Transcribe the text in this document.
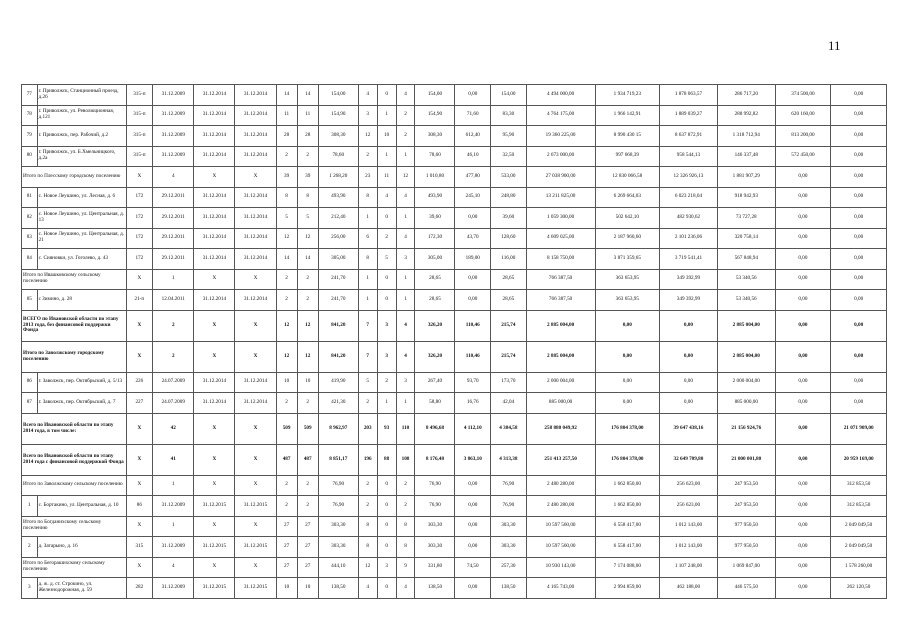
11
77	г. Приволжск, Станционный проезд, д.26	315-п	31.12.2009	31.12.2014	31.12.2014	14	14	154,00	4	0	4	154,00	0,00	154,00	4 494 000,00	1 934 719,23	1 878 063,57	286 717,20	374 500,00	0,00
78	г. Приволжск, ул. Революционная, д.121	315-п	31.12.2009	31.12.2014	31.12.2014	11	11	154,90	3	1	2	154,90	71,60	83,30	4 764 175,00	1 966 142,91	1 889 039,27	288 992,82	620 160,00	0,00
79	г. Приволжск, пер. Рабочий, д.2	315-п	31.12.2009	31.12.2014	31.12.2014	28	28	308,30	12	10	2	308,30	612,40	95,90	19 360 225,00	8 990 430 15	8 637 872,91	1 318 712,94	813 200,00	0,00
80	г. Приволжск, ул. Б.Хмельницкого, д.2а	315-п	31.12.2009	31.12.2014	31.12.2014	2	2	78,60	2	1	1	78,60	46,10	32,50	2 673 000,00	997 668,39	958 544,13	146 337,48	572 450,00	0,00
Итого по Плесскому городскому поселению		X	4	X	X	39	39	1 268,20	23	11	12	1 010,80	477,80	533,00	27 038 900,00	12 830 066,58	12 326 926,13	1 881 907,29	0,00	0,00
81	с. Новое Леушино, ул. Лесная, д. 6	172	29.12.2011	31.12.2014	31.12.2014	8	8	493,90	8	4	4	493,90	245,10	248,80	13 211 825,00	6 269 664,03	6 023 218,04	918 942,93	0,00	0,00
82	с. Новое Леушино, ул. Центральная, д. 13	172	29.12.2011	31.12.2014	31.12.2014	5	5	212,40	1	0	1	39,60	0,00	39,60	1 059 300,00	502 642,10	482 930,62	73 727,28	0,00	0,00
83	с. Новое Леушино, ул. Центральная, д. 21	172	29.12.2011	31.12.2014	31.12.2014	12	12	256,00	6	2	4	172,30	43,70	128,60	4 609 025,00	2 187 960,60	2 101 236,06	320 758,14	0,00	0,00
84	с. Сияновки, ул. Гоголево, д. 43	172	29.12.2011	31.12.2014	31.12.2014	14	14	305,00	8	5	3	305,00	189,00	116,00	8 158 750,00	3 871 359,65	3 719 541,41	567 848,94	0,00	0,00
Итого по Ивашковскому сельскому поселению		X	1	X	X	2	2	241,70	1	0	1	28,65	0,00	28,65	766 387,50	363 653,95	349 392,99	53 340,56	0,00	0,00
85	с Зимино, д. 28	21-п	12.04.2011	31.12.2014	31.12.2014	2	2	241,70	1	0	1	28,65	0,00	28,65	766 387,50	363 653,95	349 392,99	53 340,56	0,00	0,00
ВСЕГО по Ивановской области по этапу 2013 года, без финансовой поддержки Фонда		X	2	X	X	12	12	841,20	7	3	4	326,20	110,46	215,74	2 885 004,00	0,00	0,00	2 885 004,00	0,00	0,00
Итого по Заволжскому городскому поселению		X	2	X	X	12	12	841,20	7	3	4	326,20	110,46	215,74	2 885 004,00	0,00	0,00	2 885 004,00	0,00	0,00
86	г. Заволжск, пер. Октябрьский, д. 5/13	226	24.07.2009	31.12.2014	31.12.2014	10	10	419,90	5	2	3	267,40	93,70	173,70	2 000 004,00	0,00	0,00	2 000 004,00	0,00	0,00
87	г. Заволжск, пер. Октябрьский, д. 7	227	24.07.2009	31.12.2014	31.12.2014	2	2	421,30	2	1	1	58,80	16,76	42,04	885 000,00	0,00	0,00	885 000,00	0,00	0,00
Всего по Ивановской области по этапу 2014 года, в том числе:		X	42	X	X	509	509	8 962,97	203	93	110	8 496,68	4 112,10	4 384,58	258 880 049,92	176 804 378,00	39 647 438,16	21 156 924,76	0,00	21 071 909,00
Всего по Ивановской области по этапу 2014 года с финансовой поддержкой Фонда		X	41	X	X	487	487	8 851,17	196	88	108	8 176,48	3 863,10	4 313,38	251 413 257,50	176 804 378,00	32 649 709,80	21 000 001,80	0,00	20 959 169,00
Итого по Заволжскому сельскому поселению		X	1	X	X	2	2	76,90	2	0	2	76,90	0,00	76,90	2 480 280,00	1 662 850,00	256 623,00	247 953,50	0,00	312 853,50
1	с. Бортакино, ул. Центральная, д. 10	86	31.12.2009	31.12.2015	31.12.2015	2	2	76,90	2	0	2	76,90	0,00	76,90	2 480 280,00	1 662 850,00	256 623,00	247 953,50	0,00	312 853,50
Итого по Богданихскому сельскому поселению		X	1	X	X	27	27	303,30	8	0	8	303,30	0,00	303,30	10 597 560,00	6 558 417,00	1 012 143,00	977 950,50	0,00	2 049 049,50
2	д. Затарыно, д. 16	315	31.12.2009	31.12.2015	31.12.2015	27	27	303,30	8	0	8	303,30	0,00	303,30	10 597 560,00	6 558 417,00	1 012 143,00	977 950,50	0,00	2 049 049,50
Итого по Бегорашихскому сельскому поселению		X	4	X	X	27	27	444,10	12	3	9	331,80	74,50	257,30	10 930 143,00	7 174 088,00	1 107 248,00	1 069 847,00	0,00	1 578 260,00
3	д. ж. д. ст. Строкино, ул. Железнодорожная, д. 59	282	31.12.2009	31.12.2015	31.12.2015	10	10	138,50	4	0	4	138,50	0,00	138,50	4 165 743,00	2 994 859,00	462 188,00	446 575,50	0,00	262 120,50
